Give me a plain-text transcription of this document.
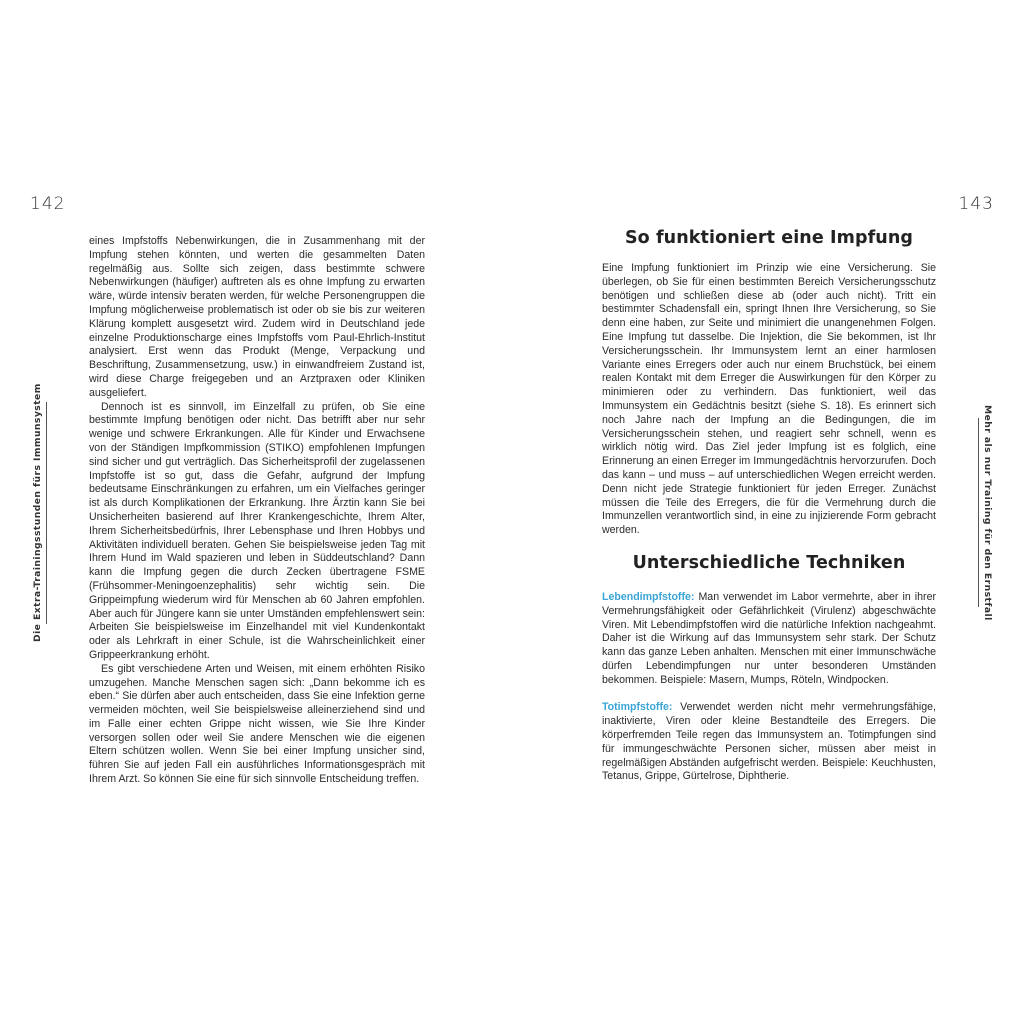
142
Die Extra-Trainingsstunden fürs Immunsystem

eines Impfstoffs Nebenwirkungen, die in Zusammenhang mit der Impfung stehen könnten, und werten die gesammelten Daten regelmäßig aus. Sollte sich zeigen, dass bestimmte schwere Nebenwirkungen (häufiger) auftreten als es ohne Impfung zu erwarten wäre, würde intensiv beraten werden, für welche Personengruppen die Impfung möglicherweise problematisch ist oder ob sie bis zur weiteren Klärung komplett ausgesetzt wird. Zudem wird in Deutschland jede einzelne Produktionscharge eines Impfstoffs vom Paul-Ehrlich-Institut analysiert. Erst wenn das Produkt (Menge, Verpackung und Beschriftung, Zusammensetzung, usw.) in einwandfreiem Zustand ist, wird diese Charge freigegeben und an Arztpraxen oder Kliniken ausgeliefert.

Dennoch ist es sinnvoll, im Einzelfall zu prüfen, ob Sie eine bestimmte Impfung benötigen oder nicht. Das betrifft aber nur sehr wenige und schwere Erkrankungen. Alle für Kinder und Erwachsene von der Ständigen Impfkommission (STIKO) empfohlenen Impfungen sind sicher und gut verträglich. Das Sicherheitsprofil der zugelassenen Impfstoffe ist so gut, dass die Gefahr, aufgrund der Impfung bedeutsame Einschränkungen zu erfahren, um ein Vielfaches geringer ist als durch Komplikationen der Erkrankung. Ihre Ärztin kann Sie bei Unsicherheiten basierend auf Ihrer Krankengeschichte, Ihrem Alter, Ihrem Sicherheitsbedürfnis, Ihrer Lebensphase und Ihren Hobbys und Aktivitäten individuell beraten. Gehen Sie beispielsweise jeden Tag mit Ihrem Hund im Wald spazieren und leben in Süddeutschland? Dann kann die Impfung gegen die durch Zecken übertragene FSME (Frühsommer-Meningoenzephalitis) sehr wichtig sein. Die Grippeimpfung wiederum wird für Menschen ab 60 Jahren empfohlen. Aber auch für Jüngere kann sie unter Umständen empfehlenswert sein: Arbeiten Sie beispielsweise im Einzelhandel mit viel Kundenkontakt oder als Lehrkraft in einer Schule, ist die Wahrscheinlichkeit einer Grippeerkrankung erhöht.

Es gibt verschiedene Arten und Weisen, mit einem erhöhten Risiko umzugehen. Manche Menschen sagen sich: „Dann bekomme ich es eben.“ Sie dürfen aber auch entscheiden, dass Sie eine Infektion gerne vermeiden möchten, weil Sie beispielsweise alleinerziehend sind und im Falle einer echten Grippe nicht wissen, wie Sie Ihre Kinder versorgen sollen oder weil Sie andere Menschen wie die eigenen Eltern schützen wollen. Wenn Sie bei einer Impfung unsicher sind, führen Sie auf jeden Fall ein ausführliches Informationsgespräch mit Ihrem Arzt. So können Sie eine für sich sinnvolle Entscheidung treffen.

143
Mehr als nur Training für den Ernstfall
So funktioniert eine Impfung

Eine Impfung funktioniert im Prinzip wie eine Versicherung. Sie überlegen, ob Sie für einen bestimmten Bereich Versicherungsschutz benötigen und schließen diese ab (oder auch nicht). Tritt ein bestimmter Schadensfall ein, springt Ihnen Ihre Versicherung, so Sie denn eine haben, zur Seite und minimiert die unangenehmen Folgen. Eine Impfung tut dasselbe. Die Injektion, die Sie bekommen, ist Ihr Versicherungsschein. Ihr Immunsystem lernt an einer harmlosen Variante eines Erregers oder auch nur einem Bruchstück, bei einem realen Kontakt mit dem Erreger die Auswirkungen für den Körper zu minimieren oder zu verhindern. Das funktioniert, weil das Immunsystem ein Gedächtnis besitzt (siehe S. 18). Es erinnert sich noch Jahre nach der Impfung an die Bedingungen, die im Versicherungsschein stehen, und reagiert sehr schnell, wenn es wirklich nötig wird. Das Ziel jeder Impfung ist es folglich, eine Erinnerung an einen Erreger im Immungedächtnis hervorzurufen. Doch das kann – und muss – auf unterschiedlichen Wegen erreicht werden. Denn nicht jede Strategie funktioniert für jeden Erreger. Zunächst müssen die Teile des Erregers, die für die Vermehrung durch die Immunzellen verantwortlich sind, in eine zu injizierende Form gebracht werden.

Unterschiedliche Techniken

Lebendimpfstoffe: Man verwendet im Labor vermehrte, aber in ihrer Vermehrungsfähigkeit oder Gefährlichkeit (Virulenz) abgeschwächte Viren. Mit Lebendimpfstoffen wird die natürliche Infektion nachgeahmt. Daher ist die Wirkung auf das Immunsystem sehr stark. Der Schutz kann das ganze Leben anhalten. Menschen mit einer Immunschwäche dürfen Lebendimpfungen nur unter besonderen Umständen bekommen. Beispiele: Masern, Mumps, Röteln, Windpocken.

Totimpfstoffe: Verwendet werden nicht mehr vermehrungsfähige, inaktivierte, Viren oder kleine Bestandteile des Erregers. Die körperfremden Teile regen das Immunsystem an. Totimpfungen sind für immungeschwächte Personen sicher, müssen aber meist in regelmäßigen Abständen aufgefrischt werden. Beispiele: Keuchhusten, Tetanus, Grippe, Gürtelrose, Diphtherie.
